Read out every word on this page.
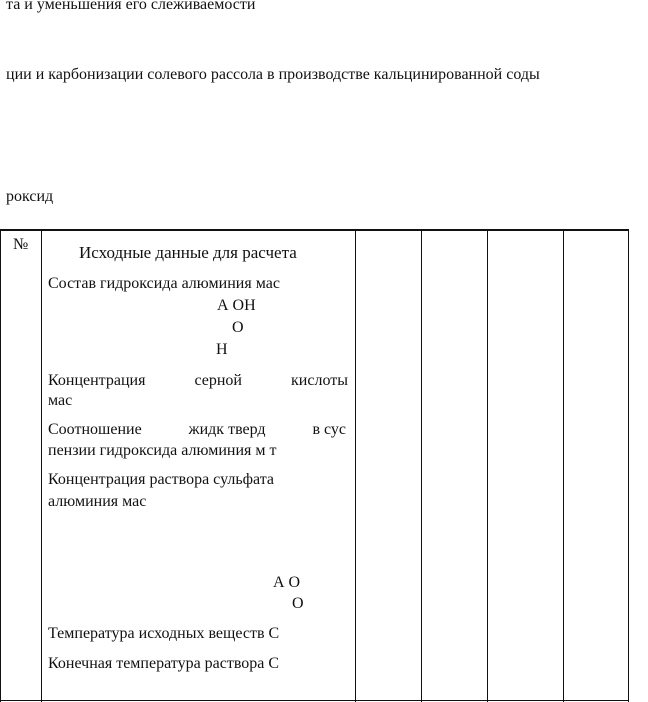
та и уменьшения его слеживаемости
ции и карбонизации солевого рассола в производстве кальцинированной соды
роксид
№	Исходные данные для расчета
Состав гидроксида алюминия мас
А ОН
О
Н
Концентрация	серной	кислоты
мас
Соотношение	жидк тверд	в сус
пензии гидроксида алюминия м т
Концентрация раствора сульфата
алюминия мас
А О
О
Температура исходных веществ С
Конечная температура раствора С
